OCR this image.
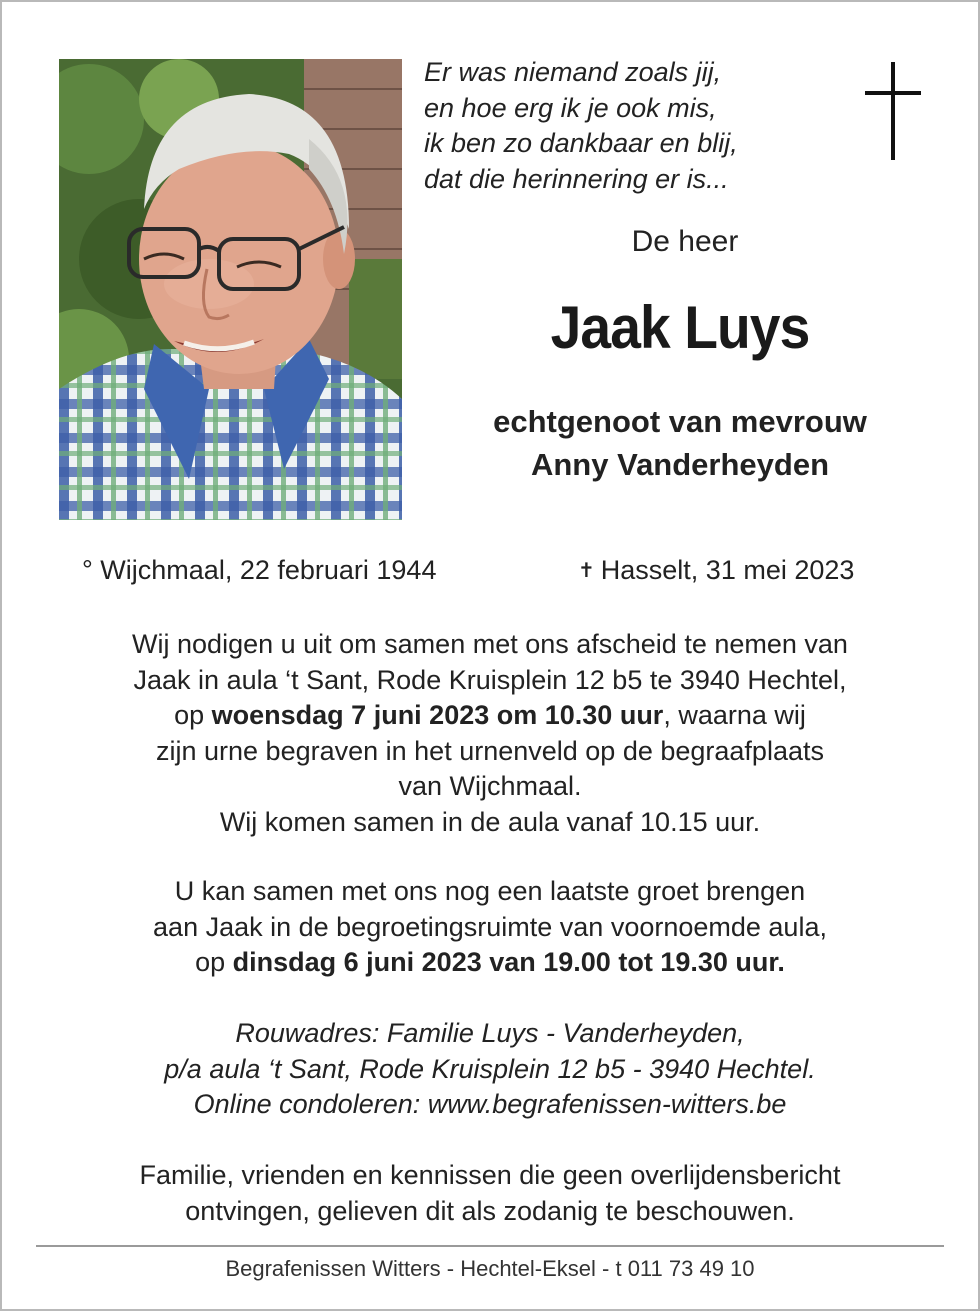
Er was niemand zoals jij,
en hoe erg ik je ook mis,
ik ben zo dankbaar en blij,
dat die herinnering er is...
De heer
Jaak Luys
echtgenoot van mevrouw
Anny Vanderheyden
° Wijchmaal, 22 februari 1944	✝ Hasselt, 31 mei 2023
Wij nodigen u uit om samen met ons afscheid te nemen van
Jaak in aula ‘t Sant, Rode Kruisplein 12 b5 te 3940 Hechtel,
op woensdag 7 juni 2023 om 10.30 uur, waarna wij
zijn urne begraven in het urnenveld op de begraafplaats
van Wijchmaal.
Wij komen samen in de aula vanaf 10.15 uur.
U kan samen met ons nog een laatste groet brengen
aan Jaak in de begroetingsruimte van voornoemde aula,
op dinsdag 6 juni 2023 van 19.00 tot 19.30 uur.
Rouwadres: Familie Luys - Vanderheyden,
p/a aula ‘t Sant, Rode Kruisplein 12 b5 - 3940 Hechtel.
Online condoleren: www.begrafenissen-witters.be
Familie, vrienden en kennissen die geen overlijdensbericht
ontvingen, gelieven dit als zodanig te beschouwen.
Begrafenissen Witters - Hechtel-Eksel - t 011 73 49 10
